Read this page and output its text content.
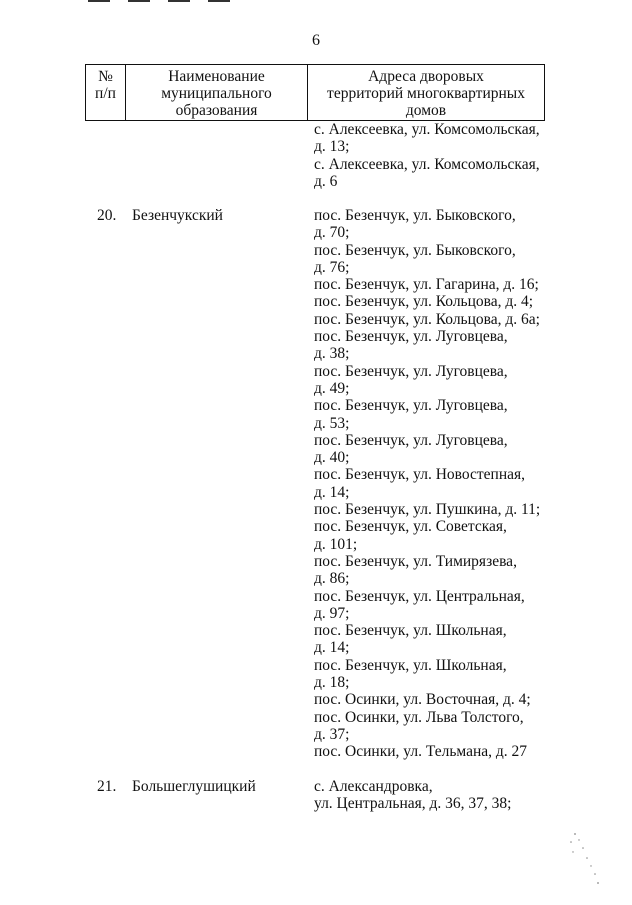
6
№
п/п

Наименование
муниципального
образования

Адреса дворовых
территорий многоквартирных
домов
с. Алексеевка, ул. Комсомольская,
д. 13;
с. Алексеевка, ул. Комсомольская,
д. 6
20. Безенчукский	пос. Безенчук, ул. Быковского,
д. 70;
пос. Безенчук, ул. Быковского,
д. 76;
пос. Безенчук, ул. Гагарина, д. 16;
пос. Безенчук, ул. Кольцова, д. 4;
пос. Безенчук, ул. Кольцова, д. 6а;
пос. Безенчук, ул. Луговцева,
д. 38;
пос. Безенчук, ул. Луговцева,
д. 49;
пос. Безенчук, ул. Луговцева,
д. 53;
пос. Безенчук, ул. Луговцева,
д. 40;
пос. Безенчук, ул. Новостепная,
д. 14;
пос. Безенчук, ул. Пушкина, д. 11;
пос. Безенчук, ул. Советская,
д. 101;
пос. Безенчук, ул. Тимирязева,
д. 86;
пос. Безенчук, ул. Центральная,
д. 97;
пос. Безенчук, ул. Школьная,
д. 14;
пос. Безенчук, ул. Школьная,
д. 18;
пос. Осинки, ул. Восточная, д. 4;
пос. Осинки, ул. Льва Толстого,
д. 37;
пос. Осинки, ул. Тельмана, д. 27
21. Большеглушицкий	с. Александровка,
ул. Центральная, д. 36, 37, 38;
